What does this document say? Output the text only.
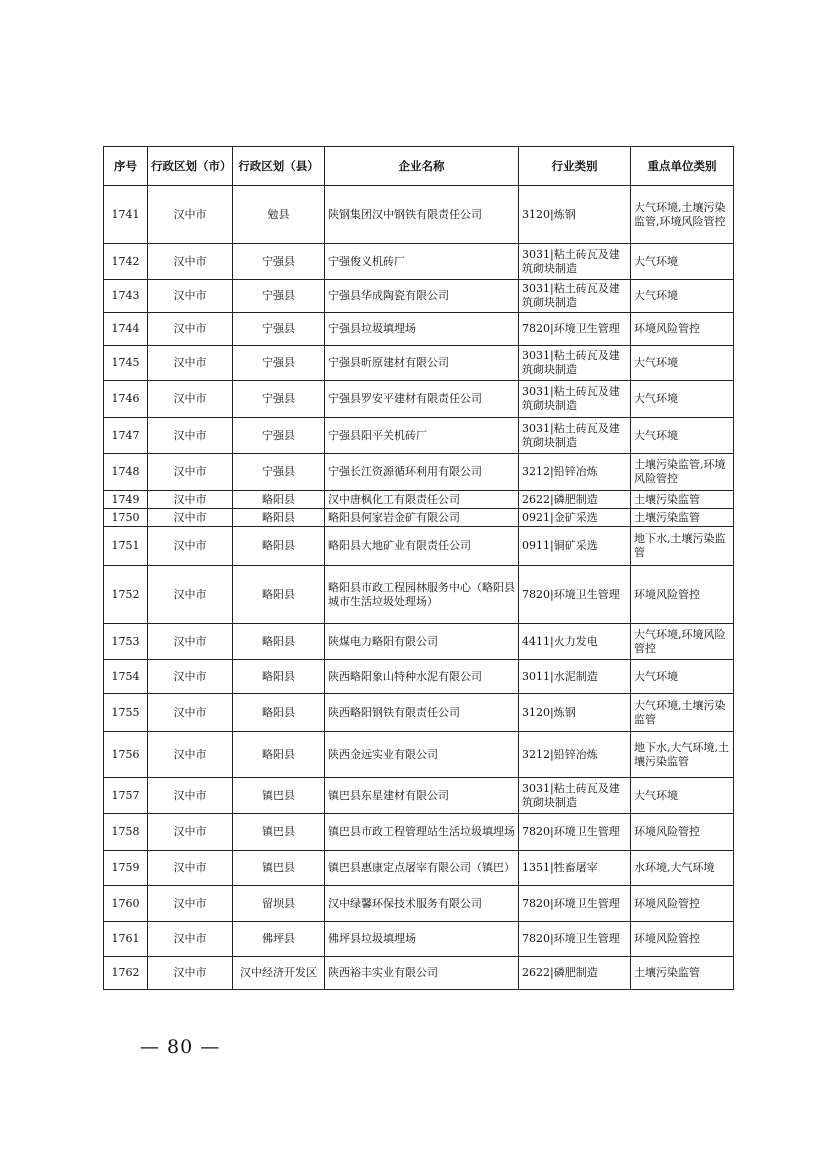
序号	行政区划（市）	行政区划（县）	企业名称	行业类别	重点单位类别
1741	汉中市	勉县	陕钢集团汉中钢铁有限责任公司	3120|炼钢	大气环境,土壤污染监管,环境风险管控
1742	汉中市	宁强县	宁强俊义机砖厂	3031|粘土砖瓦及建筑砌块制造	大气环境
1743	汉中市	宁强县	宁强县华成陶瓷有限公司	3031|粘土砖瓦及建筑砌块制造	大气环境
1744	汉中市	宁强县	宁强县垃圾填埋场	7820|环境卫生管理	环境风险管控
1745	汉中市	宁强县	宁强县昕原建材有限公司	3031|粘土砖瓦及建筑砌块制造	大气环境
1746	汉中市	宁强县	宁强县罗安平建材有限责任公司	3031|粘土砖瓦及建筑砌块制造	大气环境
1747	汉中市	宁强县	宁强县阳平关机砖厂	3031|粘土砖瓦及建筑砌块制造	大气环境
1748	汉中市	宁强县	宁强长江资源循环利用有限公司	3212|铅锌冶炼	土壤污染监管,环境风险管控
1749	汉中市	略阳县	汉中唐枫化工有限责任公司	2622|磷肥制造	土壤污染监管
1750	汉中市	略阳县	略阳县何家岩金矿有限公司	0921|金矿采选	土壤污染监管
1751	汉中市	略阳县	略阳县大地矿业有限责任公司	0911|铜矿采选	地下水,土壤污染监管
1752	汉中市	略阳县	略阳县市政工程园林服务中心（略阳县城市生活垃圾处理场）	7820|环境卫生管理	环境风险管控
1753	汉中市	略阳县	陕煤电力略阳有限公司	4411|火力发电	大气环境,环境风险管控
1754	汉中市	略阳县	陕西略阳象山特种水泥有限公司	3011|水泥制造	大气环境
1755	汉中市	略阳县	陕西略阳钢铁有限责任公司	3120|炼钢	大气环境,土壤污染监管
1756	汉中市	略阳县	陕西金远实业有限公司	3212|铅锌冶炼	地下水,大气环境,土壤污染监管
1757	汉中市	镇巴县	镇巴县东星建材有限公司	3031|粘土砖瓦及建筑砌块制造	大气环境
1758	汉中市	镇巴县	镇巴县市政工程管理站生活垃圾填埋场	7820|环境卫生管理	环境风险管控
1759	汉中市	镇巴县	镇巴县惠康定点屠宰有限公司（镇巴）	1351|牲畜屠宰	水环境,大气环境
1760	汉中市	留坝县	汉中绿馨环保技术服务有限公司	7820|环境卫生管理	环境风险管控
1761	汉中市	佛坪县	佛坪县垃圾填埋场	7820|环境卫生管理	环境风险管控
1762	汉中市	汉中经济开发区	陕西裕丰实业有限公司	2622|磷肥制造	土壤污染监管
— 80 —
